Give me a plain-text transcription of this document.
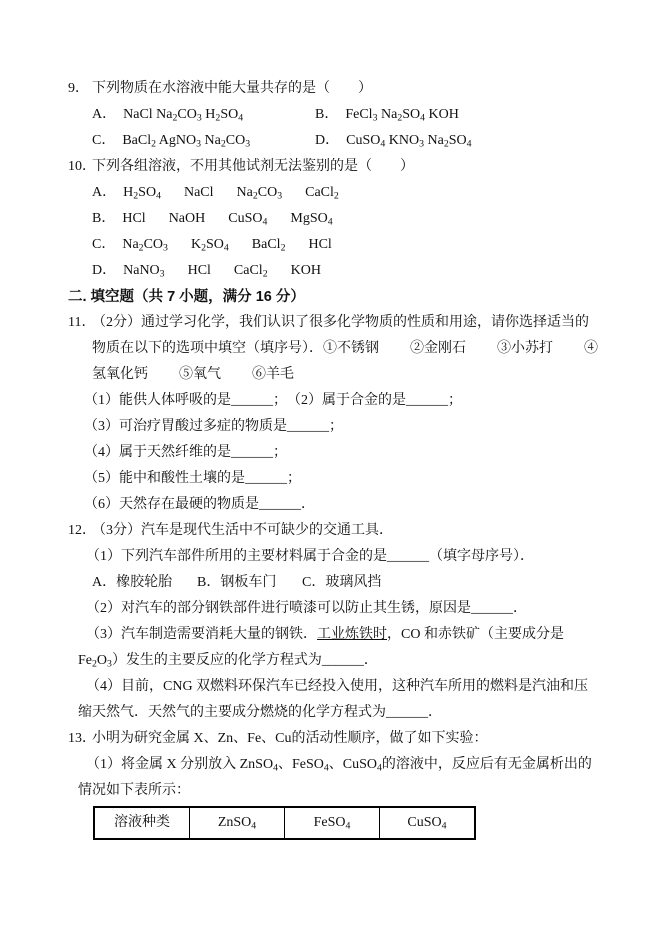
9． 下列物质在水溶液中能大量共存的是（　　）
A． NaCl $Na_2CO_3$ $H_2SO_4$	B． FeCl$_3$ $Na_2SO_4$ KOH
C． BaCl$_2$ AgNO$_3$ $Na_2CO_3$	D． CuSO$_4$ $KNO_3$ $Na_2SO_4$
10．
下列各组溶液，不用其他试剂无法鉴别的是（　　）
A． $H_2SO_4$ NaCl $Na_2CO_3$ CaCl$_2$
B． HCl NaOH CuSO$_4$ MgSO$_4$
C． $Na_2CO_3$ $K_2SO_4$ BaCl$_2$ HCl
D． NaNO$_3$ HCl CaCl$_2$ KOH
二. 填空题（共 7 小题，满分 16 分）
11．
（2分）通过学习化学，我们认识了很多化学物质的性质和用途，请你选择适当的物质在以下的选项中填空（填序号）．①不锈钢 ②金刚石 ③小苏打 ④氢氧化钙 ⑤氧气 ⑥羊毛
（1）能供人体呼吸的是______；　（2）属于合金的是______；
（3）可治疗胃酸过多症的物质是______；
（4）属于天然纤维的是______；
（5）能中和酸性土壤的是______；
（6）天然存在最硬的物质是______．
12．
（3分）汽车是现代生活中不可缺少的交通工具．
（1）下列汽车部件所用的主要材料属于合金的是______（填字母序号）．
A．橡胶轮胎 B．钢板车门 C．玻璃风挡
（2）对汽车的部分钢铁部件进行喷漆可以防止其生锈，原因是______．
（3）汽车制造需要消耗大量的钢铁．工业炼铁时，CO 和赤铁矿（主要成分是 $Fe_2O_3$）发生的主要反应的化学方程式为______．
（4）目前，CNG 双燃料环保汽车已经投入使用，这种汽车所用的燃料是汽油和压缩天然气．天然气的主要成分燃烧的化学方程式为______．
13．
小明为研究金属 X、Zn、Fe、Cu的活动性顺序，做了如下实验：
（1）将金属 X 分别放入 ZnSO$_4$、FeSO$_4$、CuSO$_4$的溶液中，反应后有无金属析出的情况如下表所示：
溶液种类	ZnSO$_4$	FeSO$_4$	CuSO$_4$
